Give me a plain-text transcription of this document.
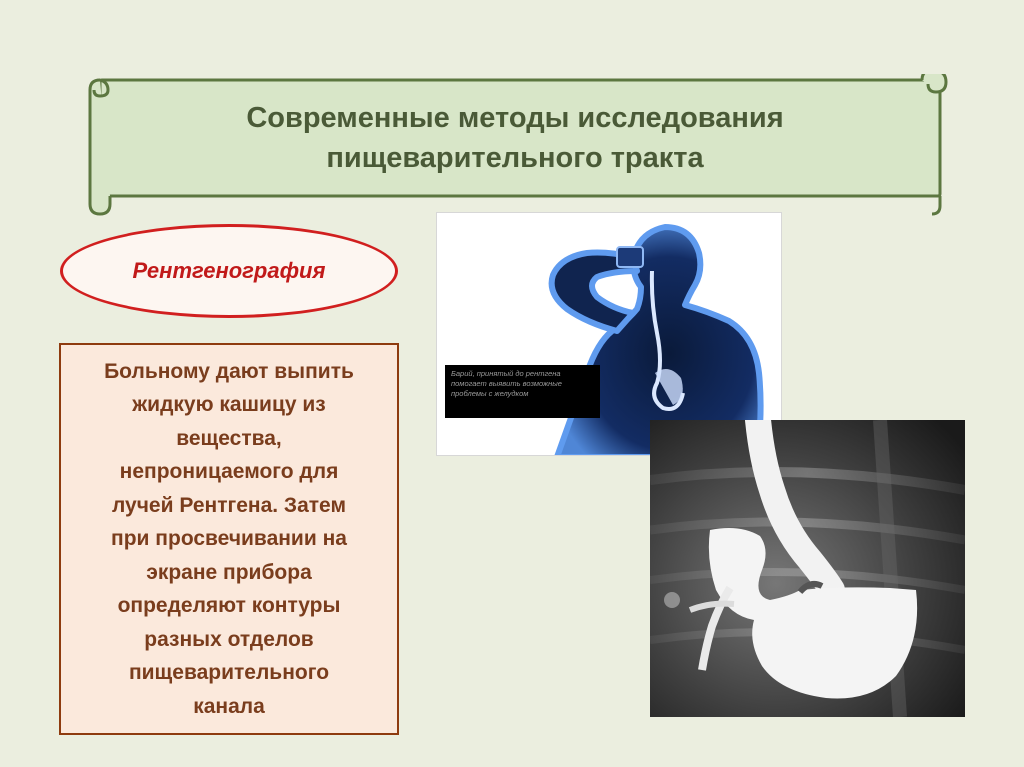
Современные методы исследования
пищеварительного тракта
Рентгенография
Больному дают выпить
жидкую кашицу из
вещества,
непроницаемого для
лучей Рентгена. Затем
при просвечивании на
экране прибора
определяют контуры
разных отделов
пищеварительного
канала
Барий, принятый до рентгена
помогает выявить возможные
проблемы с желудком
